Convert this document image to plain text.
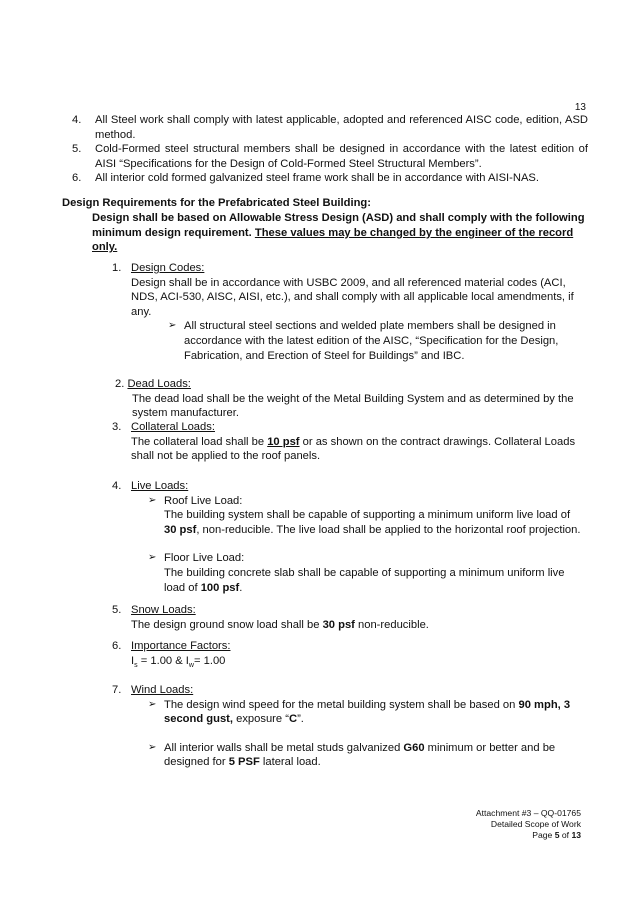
13
4. All Steel work shall comply with latest applicable, adopted and referenced AISC code, edition, ASD method.
5. Cold-Formed steel structural members shall be designed in accordance with the latest edition of AISI “Specifications for the Design of Cold-Formed Steel Structural Members”.
6. All interior cold formed galvanized steel frame work shall be in accordance with AISI-NAS.
Design Requirements for the Prefabricated Steel Building:
Design shall be based on Allowable Stress Design (ASD) and shall comply with the following minimum design requirement. These values may be changed by the engineer of the record only.
1. Design Codes:
Design shall be in accordance with USBC 2009, and all referenced material codes (ACI, NDS, ACI-530, AISC, AISI, etc.), and shall comply with all applicable local amendments, if any.
➢ All structural steel sections and welded plate members shall be designed in accordance with the latest edition of the AISC, “Specification for the Design, Fabrication, and Erection of Steel for Buildings” and IBC.
2. Dead Loads:
The dead load shall be the weight of the Metal Building System and as determined by the system manufacturer.
3. Collateral Loads:
The collateral load shall be 10 psf or as shown on the contract drawings. Collateral Loads shall not be applied to the roof panels.
4. Live Loads:
➢ Roof Live Load:
The building system shall be capable of supporting a minimum uniform live load of 30 psf, non-reducible. The live load shall be applied to the horizontal roof projection.
➢ Floor Live Load:
The building concrete slab shall be capable of supporting a minimum uniform live load of 100 psf.
5. Snow Loads:
The design ground snow load shall be 30 psf non-reducible.
6. Importance Factors:
$I_s = 1.00$ & $I_w= 1.00$
7. Wind Loads:
➢ The design wind speed for the metal building system shall be based on 90 mph, 3 second gust, exposure “C”.
➢ All interior walls shall be metal studs galvanized G60 minimum or better and be designed for 5 PSF lateral load.
Attachment #3 – QQ-01765
Detailed Scope of Work
Page 5 of 13
